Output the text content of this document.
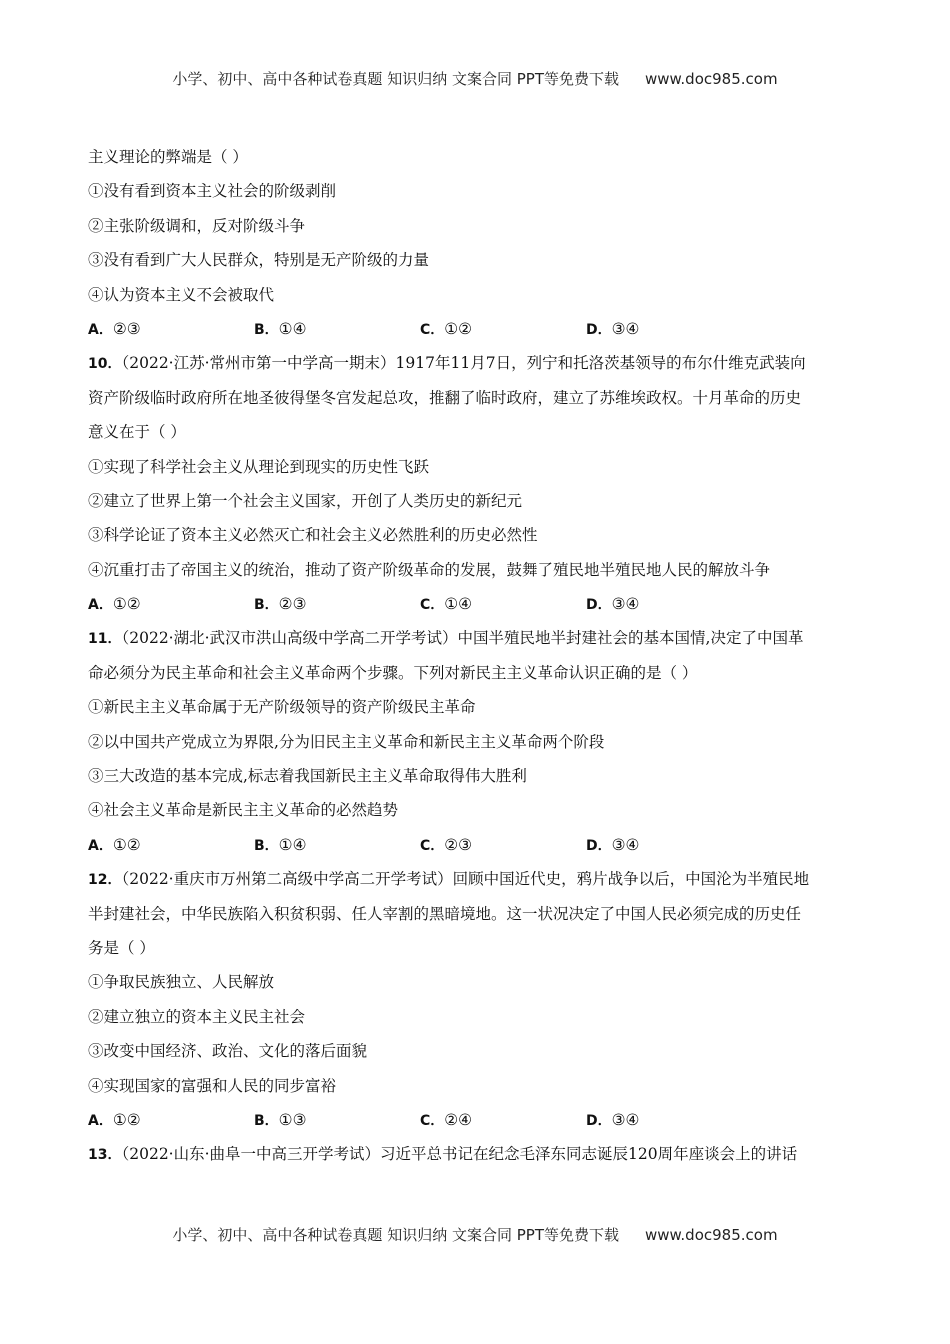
小学、初中、高中各种试卷真题 知识归纳 文案合同 PPT等免费下载 www.doc985.com
主义理论的弊端是（ ）
①没有看到资本主义社会的阶级剥削
②主张阶级调和，反对阶级斗争
③没有看到广大人民群众，特别是无产阶级的力量
④认为资本主义不会被取代
A．②③	B．①④	C．①②	D．③④
10．（2022·江苏·常州市第一中学高一期末）1917年11月7日，列宁和托洛茨基领导的布尔什维克武装向
资产阶级临时政府所在地圣彼得堡冬宫发起总攻，推翻了临时政府，建立了苏维埃政权。十月革命的历史
意义在于（ ）
①实现了科学社会主义从理论到现实的历史性飞跃
②建立了世界上第一个社会主义国家，开创了人类历史的新纪元
③科学论证了资本主义必然灭亡和社会主义必然胜利的历史必然性
④沉重打击了帝国主义的统治，推动了资产阶级革命的发展，鼓舞了殖民地半殖民地人民的解放斗争
A．①②	B．②③	C．①④	D．③④
11．（2022·湖北·武汉市洪山高级中学高二开学考试）中国半殖民地半封建社会的基本国情,决定了中国革
命必须分为民主革命和社会主义革命两个步骤。下列对新民主主义革命认识正确的是（ ）
①新民主主义革命属于无产阶级领导的资产阶级民主革命
②以中国共产党成立为界限,分为旧民主主义革命和新民主主义革命两个阶段
③三大改造的基本完成,标志着我国新民主主义革命取得伟大胜利
④社会主义革命是新民主主义革命的必然趋势
A．①②	B．①④	C．②③	D．③④
12．（2022·重庆市万州第二高级中学高二开学考试）回顾中国近代史，鸦片战争以后，中国沦为半殖民地
半封建社会，中华民族陷入积贫积弱、任人宰割的黑暗境地。这一状况决定了中国人民必须完成的历史任
务是（ ）
①争取民族独立、人民解放
②建立独立的资本主义民主社会
③改变中国经济、政治、文化的落后面貌
④实现国家的富强和人民的同步富裕
A．①②	B．①③	C．②④	D．③④
13．（2022·山东·曲阜一中高三开学考试）习近平总书记在纪念毛泽东同志诞辰120周年座谈会上的讲话
小学、初中、高中各种试卷真题 知识归纳 文案合同 PPT等免费下载 www.doc985.com
